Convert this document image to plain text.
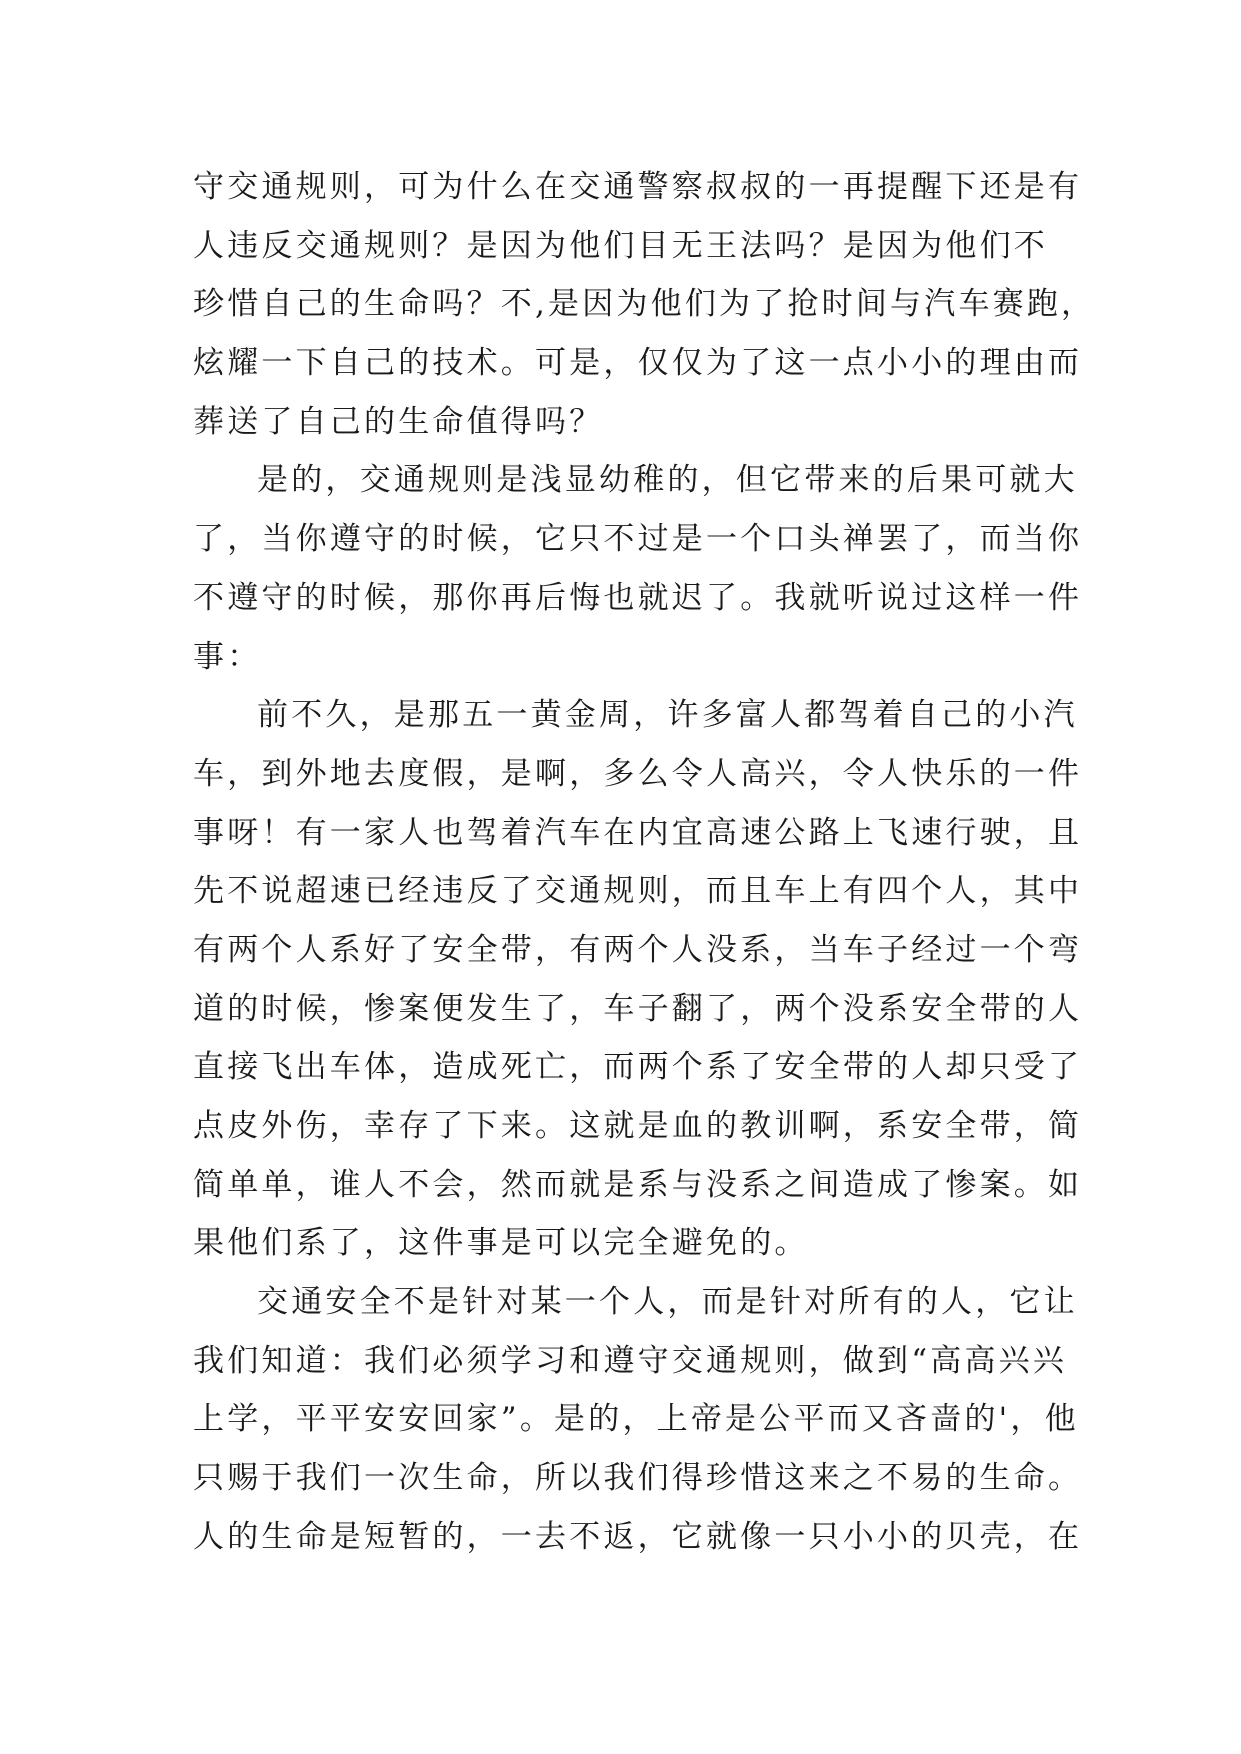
守交通规则，可为什么在交通警察叔叔的一再提醒下还是有

人违反交通规则？是因为他们目无王法吗？是因为他们不

珍惜自己的生命吗？不,是因为他们为了抢时间与汽车赛跑，

炫耀一下自己的技术。可是，仅仅为了这一点小小的理由而

葬送了自己的生命值得吗？

是的，交通规则是浅显幼稚的，但它带来的后果可就大

了，当你遵守的时候，它只不过是一个口头禅罢了，而当你

不遵守的时候，那你再后悔也就迟了。我就听说过这样一件

事：

前不久，是那五一黄金周，许多富人都驾着自己的小汽

车，到外地去度假，是啊，多么令人高兴，令人快乐的一件

事呀！有一家人也驾着汽车在内宜高速公路上飞速行驶，且

先不说超速已经违反了交通规则，而且车上有四个人，其中

有两个人系好了安全带，有两个人没系，当车子经过一个弯

道的时候，惨案便发生了，车子翻了，两个没系安全带的人

直接飞出车体，造成死亡，而两个系了安全带的人却只受了

点皮外伤，幸存了下来。这就是血的教训啊，系安全带，简

简单单，谁人不会，然而就是系与没系之间造成了惨案。如

果他们系了，这件事是可以完全避免的。

交通安全不是针对某一个人，而是针对所有的人，它让

我们知道：我们必须学习和遵守交通规则，做到“高高兴兴

上学，平平安安回家”。是的，上帝是公平而又吝啬的'，他

只赐于我们一次生命，所以我们得珍惜这来之不易的生命。

人的生命是短暂的，一去不返，它就像一只小小的贝壳，在
